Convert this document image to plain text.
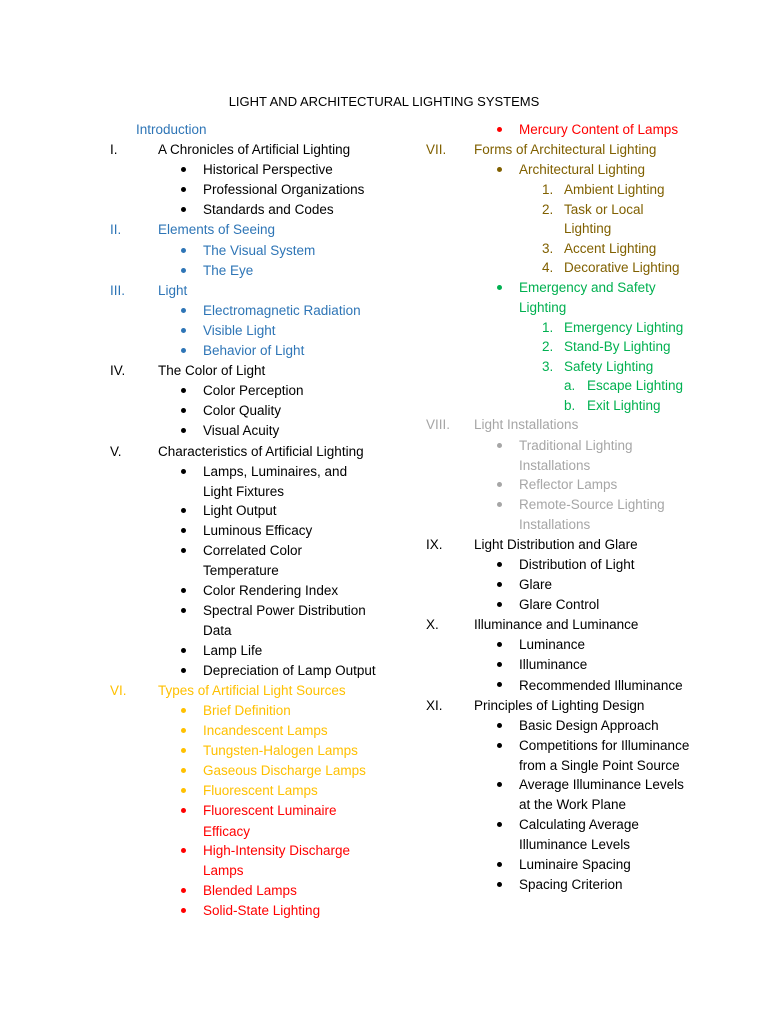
LIGHT AND ARCHITECTURAL LIGHTING SYSTEMS
Introduction
I.	A Chronicles of Artificial Lighting
Historical Perspective
Professional Organizations
Standards and Codes
II.	Elements of Seeing
The Visual System
The Eye
III. Light
Electromagnetic Radiation
Visible Light
Behavior of Light
IV. The Color of Light
Color Perception
Color Quality
Visual Acuity
V.	Characteristics of Artificial Lighting
Lamps, Luminaires, and
Light Fixtures
Light Output
Luminous Efficacy
Correlated Color
Temperature
Color Rendering Index
Spectral Power Distribution
Data
Lamp Life
Depreciation of Lamp Output
VI. Types of Artificial Light Sources
Brief Definition
Incandescent Lamps
Tungsten-Halogen Lamps
Gaseous Discharge Lamps
Fluorescent Lamps
Fluorescent Luminaire
Efficacy
High-Intensity Discharge
Lamps
Blended Lamps
Solid-State Lighting
Mercury Content of Lamps
VII. Forms of Architectural Lighting
Architectural Lighting
1. Ambient Lighting
2. Task or Local
Lighting
3. Accent Lighting
4. Decorative Lighting
Emergency and Safety
Lighting
1. Emergency Lighting
2. Stand-By Lighting
3. Safety Lighting
a. Escape Lighting
b. Exit Lighting
VIII. Light Installations
Traditional Lighting
Installations
Reflector Lamps
Remote-Source Lighting
Installations
IX. Light Distribution and Glare
Distribution of Light
Glare
Glare Control
X.	Illuminance and Luminance
Luminance
Illuminance
Recommended Illuminance
XI. Principles of Lighting Design
Basic Design Approach
Competitions for Illuminance
from a Single Point Source
Average Illuminance Levels
at the Work Plane
Calculating Average
Illuminance Levels
Luminaire Spacing
Spacing Criterion
